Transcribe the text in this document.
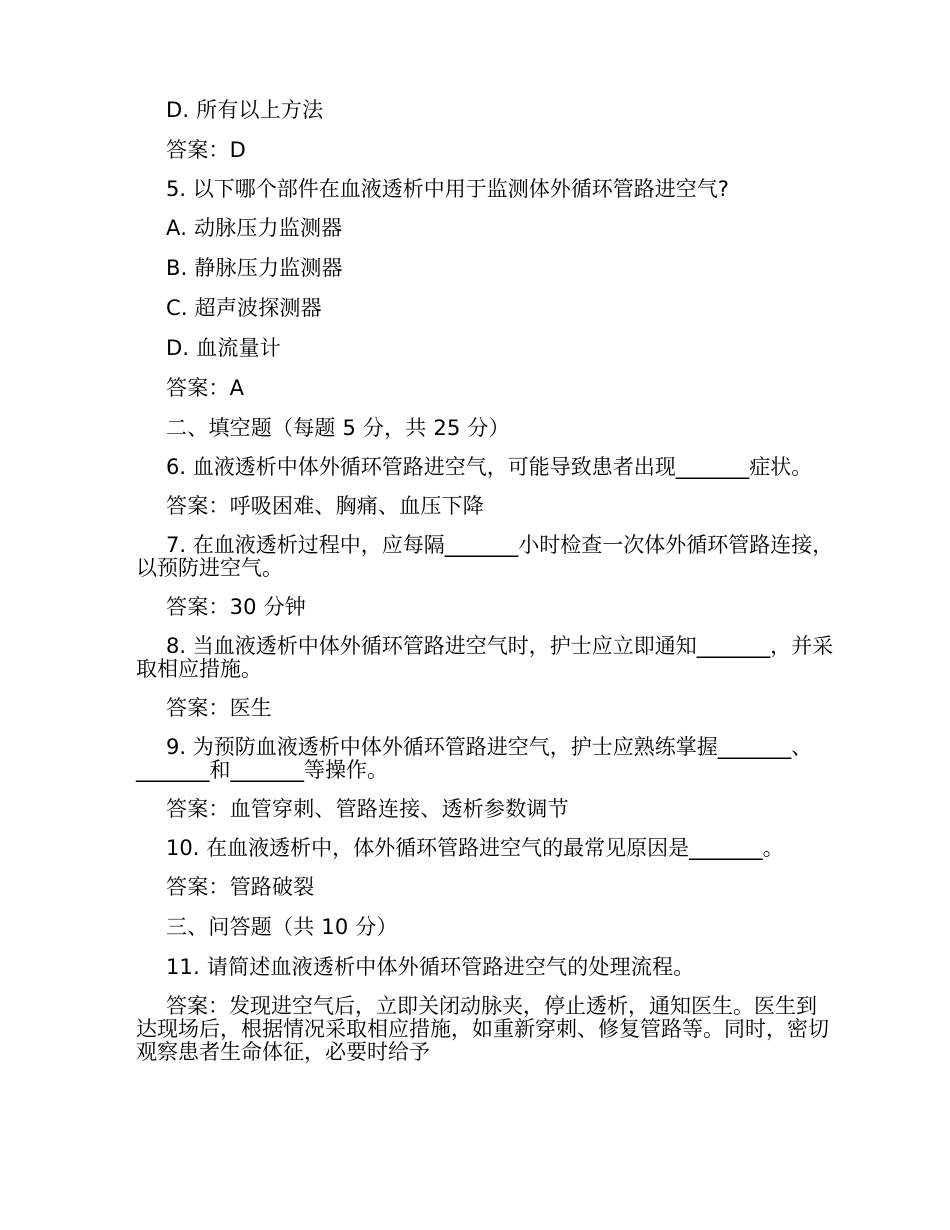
D. 所有以上方法

答案：D

5. 以下哪个部件在血液透析中用于监测体外循环管路进空气?

A. 动脉压力监测器

B. 静脉压力监测器

C. 超声波探测器

D. 血流量计

答案：A

二、填空题（每题 5 分，共 25 分）

6. 血液透析中体外循环管路进空气，可能导致患者出现_______症状。

答案：呼吸困难、胸痛、血压下降

7. 在血液透析过程中，应每隔_______小时检查一次体外循环管路连接，以预防进空气。

答案：30 分钟

8. 当血液透析中体外循环管路进空气时，护士应立即通知_______，并采取相应措施。

答案：医生

9. 为预防血液透析中体外循环管路进空气，护士应熟练掌握_______、_______和_______等操作。

答案：血管穿刺、管路连接、透析参数调节

10. 在血液透析中，体外循环管路进空气的最常见原因是_______。

答案：管路破裂

三、问答题（共 10 分）

11. 请简述血液透析中体外循环管路进空气的处理流程。

答案：发现进空气后，立即关闭动脉夹，停止透析，通知医生。医生到达现场后，根据情况采取相应措施，如重新穿刺、修复管路等。同时，密切观察患者生命体征，必要时给予
